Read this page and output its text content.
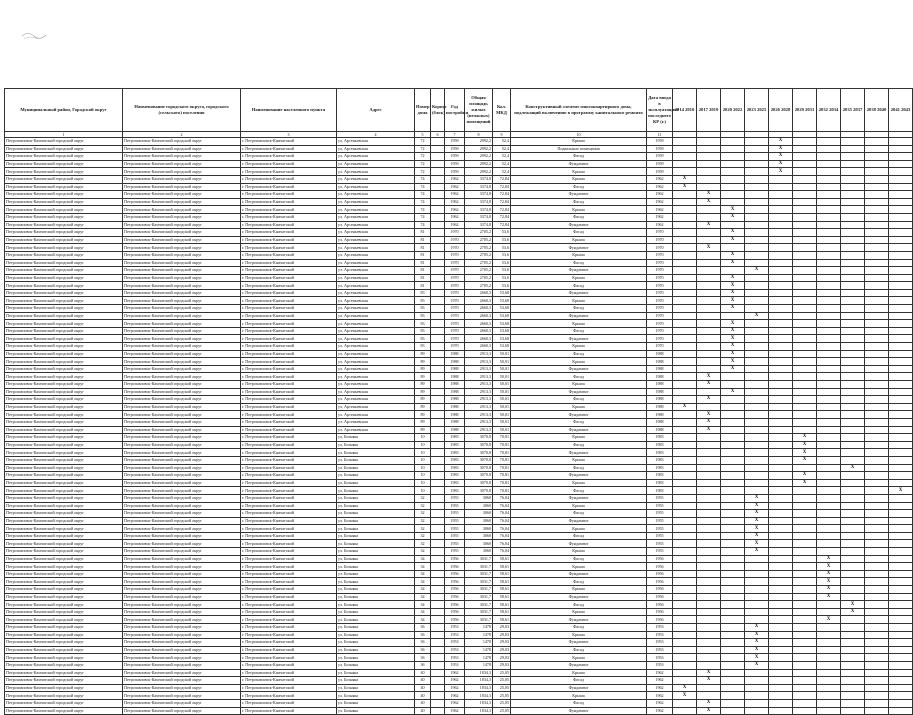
Муниципальный район, Городской округ	Наименование городского округа, городского (сельского) поселения	Наименование населенного пункта	Адрес	Номер дома	Корпус (блок)	Год постройки	Общая площадь жилых (нежилых) помещений	Кол. МКД	Конструктивный элемент многоквартирного дома, подлежащий включению в программу капитального ремонта	Дата ввода в эксплуатацию/ последнего КР (г.)	2014 2016	2017 2019	2020 2022	2023 2025	2026 2028	2029 2031	2032 2034	2035 2037	2038 2040	2041 2043
1	2	3	4	5	6	7	8	9	10	11										
Петропавловск-Камчатский городской округ	Петропавловск-Камчатский городской округ	г. Петропавловск-Камчатский	ул. Арсеньевская	72		1959	2992,2	52,4	Крыша	1959					X					
Петропавловск-Камчатский городской округ	Петропавловск-Камчатский городской округ	г. Петропавловск-Камчатский	ул. Арсеньевская	72		1959	2992,2	52,4	Подвальные помещения	1959					X					
Петропавловск-Камчатский городской округ	Петропавловск-Камчатский городской округ	г. Петропавловск-Камчатский	ул. Арсеньевская	72		1959	2992,2	52,4	Фасад	1959					X					
Петропавловск-Камчатский городской округ	Петропавловск-Камчатский городской округ	г. Петропавловск-Камчатский	ул. Арсеньевская	72		1959	2992,2	52,4	Фундамент	1959					X					
Петропавловск-Камчатский городской округ	Петропавловск-Камчатский городской округ	г. Петропавловск-Камчатский	ул. Арсеньевская	72		1959	2992,2	52,4	Крыша	1959					X					
Петропавловск-Камчатский городской округ	Петропавловск-Камчатский городской округ	г. Петропавловск-Камчатский	ул. Арсеньевская	74		1962	3374,8	72,84	Крыша	1962	X									
Петропавловск-Камчатский городской округ	Петропавловск-Камчатский городской округ	г. Петропавловск-Камчатский	ул. Арсеньевская	74		1962	3374,8	72,84	Фасад	1962	X									
Петропавловск-Камчатский городской округ	Петропавловск-Камчатский городской округ	г. Петропавловск-Камчатский	ул. Арсеньевская	74		1962	3374,8	72,84	Фундамент	1962		X								
Петропавловск-Камчатский городской округ	Петропавловск-Камчатский городской округ	г. Петропавловск-Камчатский	ул. Арсеньевская	74		1962	3374,8	72,84	Фасад	1962		X								
Петропавловск-Камчатский городской округ	Петропавловск-Камчатский городской округ	г. Петропавловск-Камчатский	ул. Арсеньевская	74		1962	3374,8	72,84	Крыша	1962			X							
Петропавловск-Камчатский городской округ	Петропавловск-Камчатский городской округ	г. Петропавловск-Камчатский	ул. Арсеньевская	74		1962	3374,8	72,84	Фасад	1962			X							
Петропавловск-Камчатский городской округ	Петропавловск-Камчатский городской округ	г. Петропавловск-Камчатский	ул. Арсеньевская	74		1962	3374,8	72,84	Фундамент	1962		X								
Петропавловск-Камчатский городской округ	Петропавловск-Камчатский городской округ	г. Петропавловск-Камчатский	ул. Арсеньевская	81		1970	2705,2	53,6	Фасад	1970			X							
Петропавловск-Камчатский городской округ	Петропавловск-Камчатский городской округ	г. Петропавловск-Камчатский	ул. Арсеньевская	81		1970	2705,2	53,6	Крыша	1970			X							
Петропавловск-Камчатский городской округ	Петропавловск-Камчатский городской округ	г. Петропавловск-Камчатский	ул. Арсеньевская	81		1970	2705,2	53,6	Фундамент	1970		X								
Петропавловск-Камчатский городской округ	Петропавловск-Камчатский городской округ	г. Петропавловск-Камчатский	ул. Арсеньевская	81		1970	2705,2	53,6	Крыша	1970			X							
Петропавловск-Камчатский городской округ	Петропавловск-Камчатский городской округ	г. Петропавловск-Камчатский	ул. Арсеньевская	81		1970	2705,2	53,6	Фасад	1970			X							
Петропавловск-Камчатский городской округ	Петропавловск-Камчатский городской округ	г. Петропавловск-Камчатский	ул. Арсеньевская	81		1970	2705,2	53,6	Фундамент	1970				X						
Петропавловск-Камчатский городской округ	Петропавловск-Камчатский городской округ	г. Петропавловск-Камчатский	ул. Арсеньевская	81		1970	2705,2	53,6	Крыша	1970			X							
Петропавловск-Камчатский городской округ	Петропавловск-Камчатский городской округ	г. Петропавловск-Камчатский	ул. Арсеньевская	81		1970	2705,2	53,6	Фасад	1970			X							
Петропавловск-Камчатский городской округ	Петропавловск-Камчатский городской округ	г. Петропавловск-Камчатский	ул. Арсеньевская	83		1970	2660,3	53,68	Фундамент	1970			X							
Петропавловск-Камчатский городской округ	Петропавловск-Камчатский городской округ	г. Петропавловск-Камчатский	ул. Арсеньевская	83		1970	2660,3	53,68	Крыша	1970			X							
Петропавловск-Камчатский городской округ	Петропавловск-Камчатский городской округ	г. Петропавловск-Камчатский	ул. Арсеньевская	83		1970	2660,3	53,68	Фасад	1970			X							
Петропавловск-Камчатский городской округ	Петропавловск-Камчатский городской округ	г. Петропавловск-Камчатский	ул. Арсеньевская	83		1970	2660,3	53,68	Фундамент	1970				X						
Петропавловск-Камчатский городской округ	Петропавловск-Камчатский городской округ	г. Петропавловск-Камчатский	ул. Арсеньевская	83		1970	2660,3	53,68	Крыша	1970			X							
Петропавловск-Камчатский городской округ	Петропавловск-Камчатский городской округ	г. Петропавловск-Камчатский	ул. Арсеньевская	83		1970	2660,3	53,68	Фасад	1970			X							
Петропавловск-Камчатский городской округ	Петропавловск-Камчатский городской округ	г. Петропавловск-Камчатский	ул. Арсеньевская	83		1970	2660,3	53,68	Фундамент	1970			X							
Петропавловск-Камчатский городской округ	Петропавловск-Камчатский городской округ	г. Петропавловск-Камчатский	ул. Арсеньевская	83		1970	2660,3	53,68	Крыша	1970			X							
Петропавловск-Камчатский городской округ	Петропавловск-Камчатский городской округ	г. Петропавловск-Камчатский	ул. Арсеньевская	89		1988	2913,3	50,01	Фасад	1988			X							
Петропавловск-Камчатский городской округ	Петропавловск-Камчатский городской округ	г. Петропавловск-Камчатский	ул. Арсеньевская	89		1988	2913,3	50,01	Крыша	1988			X							
Петропавловск-Камчатский городской округ	Петропавловск-Камчатский городской округ	г. Петропавловск-Камчатский	ул. Арсеньевская	89		1988	2913,3	50,01	Фундамент	1988			X							
Петропавловск-Камчатский городской округ	Петропавловск-Камчатский городской округ	г. Петропавловск-Камчатский	ул. Арсеньевская	89		1988	2913,3	50,01	Фасад	1988		X								
Петропавловск-Камчатский городской округ	Петропавловск-Камчатский городской округ	г. Петропавловск-Камчатский	ул. Арсеньевская	89		1988	2913,3	50,01	Крыша	1988		X								
Петропавловск-Камчатский городской округ	Петропавловск-Камчатский городской округ	г. Петропавловск-Камчатский	ул. Арсеньевская	89		1988	2913,3	50,01	Фундамент	1988			X							
Петропавловск-Камчатский городской округ	Петропавловск-Камчатский городской округ	г. Петропавловск-Камчатский	ул. Арсеньевская	89		1988	2913,3	50,01	Фасад	1988		X								
Петропавловск-Камчатский городской округ	Петропавловск-Камчатский городской округ	г. Петропавловск-Камчатский	ул. Арсеньевская	89		1988	2913,3	50,01	Крыша	1988	X									
Петропавловск-Камчатский городской округ	Петропавловск-Камчатский городской округ	г. Петропавловск-Камчатский	ул. Арсеньевская	89		1988	2913,3	50,01	Фундамент	1988		X								
Петропавловск-Камчатский городской округ	Петропавловск-Камчатский городской округ	г. Петропавловск-Камчатский	ул. Арсеньевская	89		1988	2913,3	50,01	Фасад	1988		X								
Петропавловск-Камчатский городской округ	Петропавловск-Камчатский городской округ	г. Петропавловск-Камчатский	ул. Арсеньевская	89		1988	2913,3	50,01	Фундамент	1988		X								
Петропавловск-Камчатский городской округ	Петропавловск-Камчатский городской округ	г. Петропавловск-Камчатский	ул. Бохняка	10		1983	3070,8	70,81	Крыша	1983						X				
Петропавловск-Камчатский городской округ	Петропавловск-Камчатский городской округ	г. Петропавловск-Камчатский	ул. Бохняка	10		1983	3070,8	70,81	Фасад	1983						X				
Петропавловск-Камчатский городской округ	Петропавловск-Камчатский городской округ	г. Петропавловск-Камчатский	ул. Бохняка	10		1983	3070,8	70,81	Фундамент	1983						X				
Петропавловск-Камчатский городской округ	Петропавловск-Камчатский городской округ	г. Петропавловск-Камчатский	ул. Бохняка	10		1983	3070,8	70,81	Крыша	1983						X				
Петропавловск-Камчатский городской округ	Петропавловск-Камчатский городской округ	г. Петропавловск-Камчатский	ул. Бохняка	10		1983	3070,8	70,81	Фасад	1983								X		
Петропавловск-Камчатский городской округ	Петропавловск-Камчатский городской округ	г. Петропавловск-Камчатский	ул. Бохняка	10		1983	3070,8	70,81	Фундамент	1983						X				
Петропавловск-Камчатский городской округ	Петропавловск-Камчатский городской округ	г. Петропавловск-Камчатский	ул. Бохняка	10		1983	3070,8	70,81	Крыша	1983						X				
Петропавловск-Камчатский городской округ	Петропавловск-Камчатский городской округ	г. Петропавловск-Камчатский	ул. Бохняка	10		1983	3070,8	70,81	Фасад	1983										X
Петропавловск-Камчатский городской округ	Петропавловск-Камчатский городской округ	г. Петропавловск-Камчатский	ул. Бохняка	32		1955	3060	76,04	Фундамент	1955				X						
Петропавловск-Камчатский городской округ	Петропавловск-Камчатский городской округ	г. Петропавловск-Камчатский	ул. Бохняка	32		1955	3060	76,04	Крыша	1955				X						
Петропавловск-Камчатский городской округ	Петропавловск-Камчатский городской округ	г. Петропавловск-Камчатский	ул. Бохняка	32		1955	3060	76,04	Фасад	1955				X						
Петропавловск-Камчатский городской округ	Петропавловск-Камчатский городской округ	г. Петропавловск-Камчатский	ул. Бохняка	32		1955	3060	76,04	Фундамент	1955				X						
Петропавловск-Камчатский городской округ	Петропавловск-Камчатский городской округ	г. Петропавловск-Камчатский	ул. Бохняка	32		1955	3060	76,04	Крыша	1955				X						
Петропавловск-Камчатский городской округ	Петропавловск-Камчатский городской округ	г. Петропавловск-Камчатский	ул. Бохняка	32		1955	3060	76,04	Фасад	1955				X						
Петропавловск-Камчатский городской округ	Петропавловск-Камчатский городской округ	г. Петропавловск-Камчатский	ул. Бохняка	32		1955	3060	76,04	Фундамент	1955				X						
Петропавловск-Камчатский городской округ	Петропавловск-Камчатский городской округ	г. Петропавловск-Камчатский	ул. Бохняка	32		1955	3060	76,04	Крыша	1955				X						
Петропавловск-Камчатский городской округ	Петропавловск-Камчатский городской округ	г. Петропавловск-Камчатский	ул. Бохняка	34		1956	3031,7	58,61	Фасад	1956							X			
Петропавловск-Камчатский городской округ	Петропавловск-Камчатский городской округ	г. Петропавловск-Камчатский	ул. Бохняка	34		1956	3031,7	58,61	Крыша	1956							X			
Петропавловск-Камчатский городской округ	Петропавловск-Камчатский городской округ	г. Петропавловск-Камчатский	ул. Бохняка	34		1956	3031,7	58,61	Фундамент	1956							X			
Петропавловск-Камчатский городской округ	Петропавловск-Камчатский городской округ	г. Петропавловск-Камчатский	ул. Бохняка	34		1956	3031,7	58,61	Фасад	1956							X			
Петропавловск-Камчатский городской округ	Петропавловск-Камчатский городской округ	г. Петропавловск-Камчатский	ул. Бохняка	34		1956	3031,7	58,61	Крыша	1956							X			
Петропавловск-Камчатский городской округ	Петропавловск-Камчатский городской округ	г. Петропавловск-Камчатский	ул. Бохняка	34		1956	3031,7	58,61	Фундамент	1956							X			
Петропавловск-Камчатский городской округ	Петропавловск-Камчатский городской округ	г. Петропавловск-Камчатский	ул. Бохняка	34		1956	3031,7	58,61	Фасад	1956								X		
Петропавловск-Камчатский городской округ	Петропавловск-Камчатский городской округ	г. Петропавловск-Камчатский	ул. Бохняка	34		1956	3031,7	58,61	Крыша	1956								X		
Петропавловск-Камчатский городской округ	Петропавловск-Камчатский городской округ	г. Петропавловск-Камчатский	ул. Бохняка	34		1956	3031,7	58,61	Фундамент	1956							X			
Петропавловск-Камчатский городской округ	Петропавловск-Камчатский городской округ	г. Петропавловск-Камчатский	ул. Бохняка	36		1953	1478	29,03	Фасад	1953				X						
Петропавловск-Камчатский городской округ	Петропавловск-Камчатский городской округ	г. Петропавловск-Камчатский	ул. Бохняка	36		1953	1478	29,03	Крыша	1953				X						
Петропавловск-Камчатский городской округ	Петропавловск-Камчатский городской округ	г. Петропавловск-Камчатский	ул. Бохняка	36		1953	1478	29,03	Фундамент	1953				X						
Петропавловск-Камчатский городской округ	Петропавловск-Камчатский городской округ	г. Петропавловск-Камчатский	ул. Бохняка	36		1953	1478	29,03	Фасад	1953				X						
Петропавловск-Камчатский городской округ	Петропавловск-Камчатский городской округ	г. Петропавловск-Камчатский	ул. Бохняка	36		1953	1478	29,03	Крыша	1953				X						
Петропавловск-Камчатский городской округ	Петропавловск-Камчатский городской округ	г. Петропавловск-Камчатский	ул. Бохняка	36		1953	1478	29,03	Фундамент	1953				X						
Петропавловск-Камчатский городской округ	Петропавловск-Камчатский городской округ	г. Петропавловск-Камчатский	ул. Бохняка	40		1962	1834,3	25,05	Крыша	1962		X								
Петропавловск-Камчатский городской округ	Петропавловск-Камчатский городской округ	г. Петропавловск-Камчатский	ул. Бохняка	40		1962	1834,3	25,05	Фасад	1962		X								
Петропавловск-Камчатский городской округ	Петропавловск-Камчатский городской округ	г. Петропавловск-Камчатский	ул. Бохняка	40		1962	1834,3	25,05	Фундамент	1962	X									
Петропавловск-Камчатский городской округ	Петропавловск-Камчатский городской округ	г. Петропавловск-Камчатский	ул. Бохняка	40		1962	1834,3	25,05	Крыша	1962	X									
Петропавловск-Камчатский городской округ	Петропавловск-Камчатский городской округ	г. Петропавловск-Камчатский	ул. Бохняка	40		1962	1834,3	25,05	Фасад	1962		X								
Петропавловск-Камчатский городской округ	Петропавловск-Камчатский городской округ	г. Петропавловск-Камчатский	ул. Бохняка	40		1962	1834,3	25,05	Фундамент	1962		X								
